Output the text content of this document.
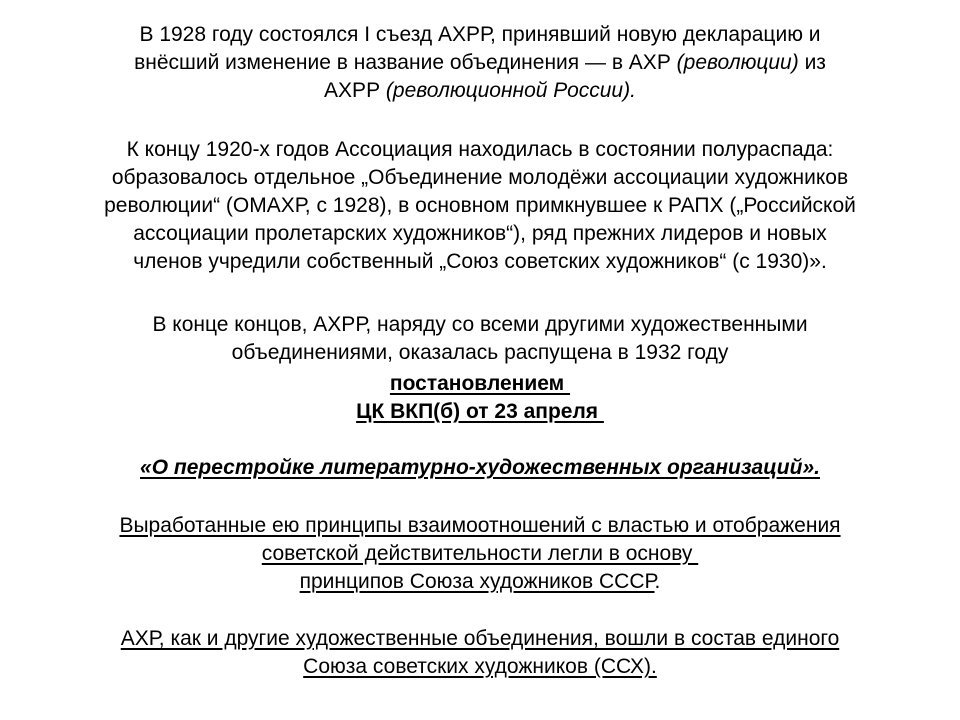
В 1928 году состоялся I съезд АХРР, принявший новую декларацию и
внёсший изменение в название объединения — в АХР (революции) из
АХРР (революционной России).
К концу 1920-х годов Ассоциация находилась в состоянии полураспада:
образовалось отдельное „Объединение молодёжи ассоциации художников
революции“ (ОМАХР, с 1928), в основном примкнувшее к РАПХ („Российской
ассоциации пролетарских художников“), ряд прежних лидеров и новых
членов учредили собственный „Союз советских художников“ (с 1930)».
В конце концов, АХРР, наряду со всеми другими художественными
объединениями, оказалась распущена в 1932 году
постановлением
ЦК ВКП(б) от 23 апреля
«О перестройке литературно-художественных организаций».
Выработанные ею принципы взаимоотношений с властью и отображения
советской действительности легли в основу
принципов Союза художников СССР.
АХР, как и другие художественные объединения, вошли в состав единого
Союза советских художников (ССХ).
